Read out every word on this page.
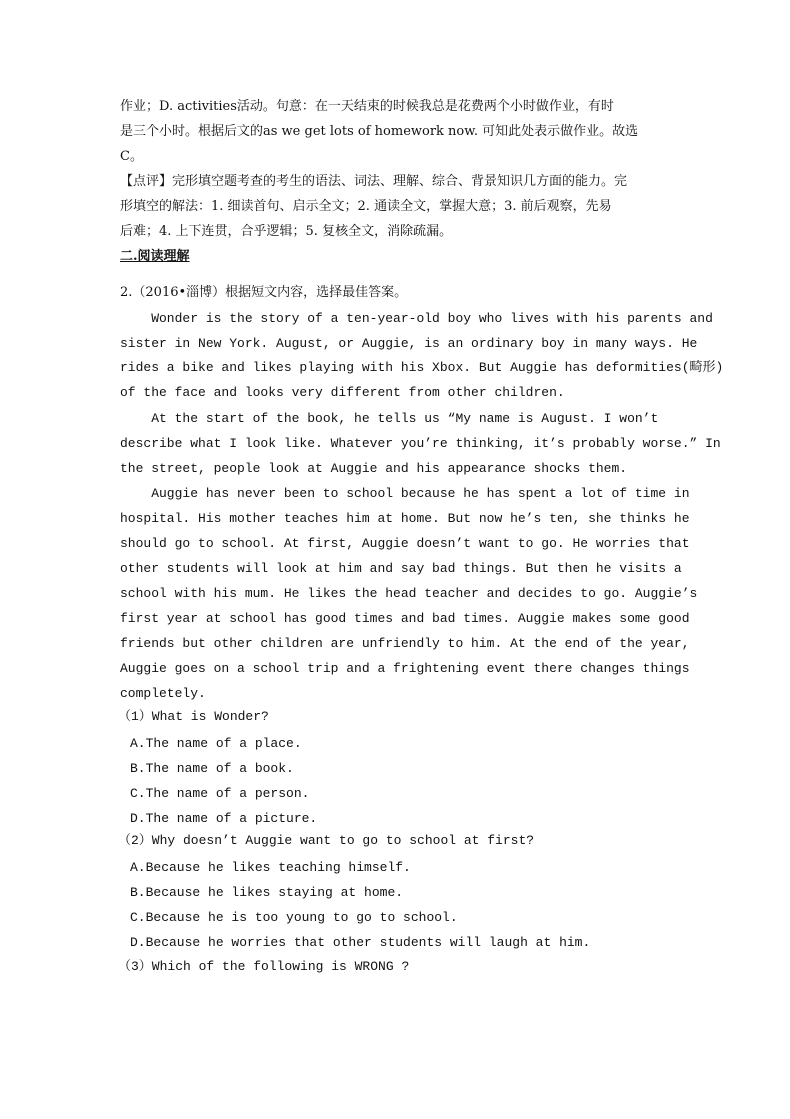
作业；D. activities活动。句意：在一天结束的时候我总是花费两个小时做作业，有时
是三个小时。根据后文的as we get lots of homework now. 可知此处表示做作业。故选
C。
【点评】完形填空题考查的考生的语法、词法、理解、综合、背景知识几方面的能力。完
形填空的解法：1. 细读首句、启示全文；2. 通读全文，掌握大意；3. 前后观察，先易
后难；4. 上下连贯，合乎逻辑；5. 复核全文，消除疏漏。
二.阅读理解
2.（2016•淄博）根据短文内容，选择最佳答案。
Wonder is the story of a ten-year-old boy who lives with his parents and
sister in New York. August, or Auggie, is an ordinary boy in many ways. He
rides a bike and likes playing with his Xbox. But Auggie has deformities(畸形)
of the face and looks very different from other children.
At the start of the book, he tells us “My name is August. I won’t
describe what I look like. Whatever you’re thinking, it’s probably worse.” In
the street, people look at Auggie and his appearance shocks them.
Auggie has never been to school because he has spent a lot of time in
hospital. His mother teaches him at home. But now he’s ten, she thinks he
should go to school. At first, Auggie doesn’t want to go. He worries that
other students will look at him and say bad things. But then he visits a
school with his mum. He likes the head teacher and decides to go. Auggie’s
first year at school has good times and bad times. Auggie makes some good
friends but other children are unfriendly to him. At the end of the year,
Auggie goes on a school trip and a frightening event there changes things
completely.
（1）What is Wonder?
A.The name of a place.
B.The name of a book.
C.The name of a person.
D.The name of a picture.
（2）Why doesn’t Auggie want to go to school at first?
A.Because he likes teaching himself.
B.Because he likes staying at home.
C.Because he is too young to go to school.
D.Because he worries that other students will laugh at him.
（3）Which of the following is WRONG ?
